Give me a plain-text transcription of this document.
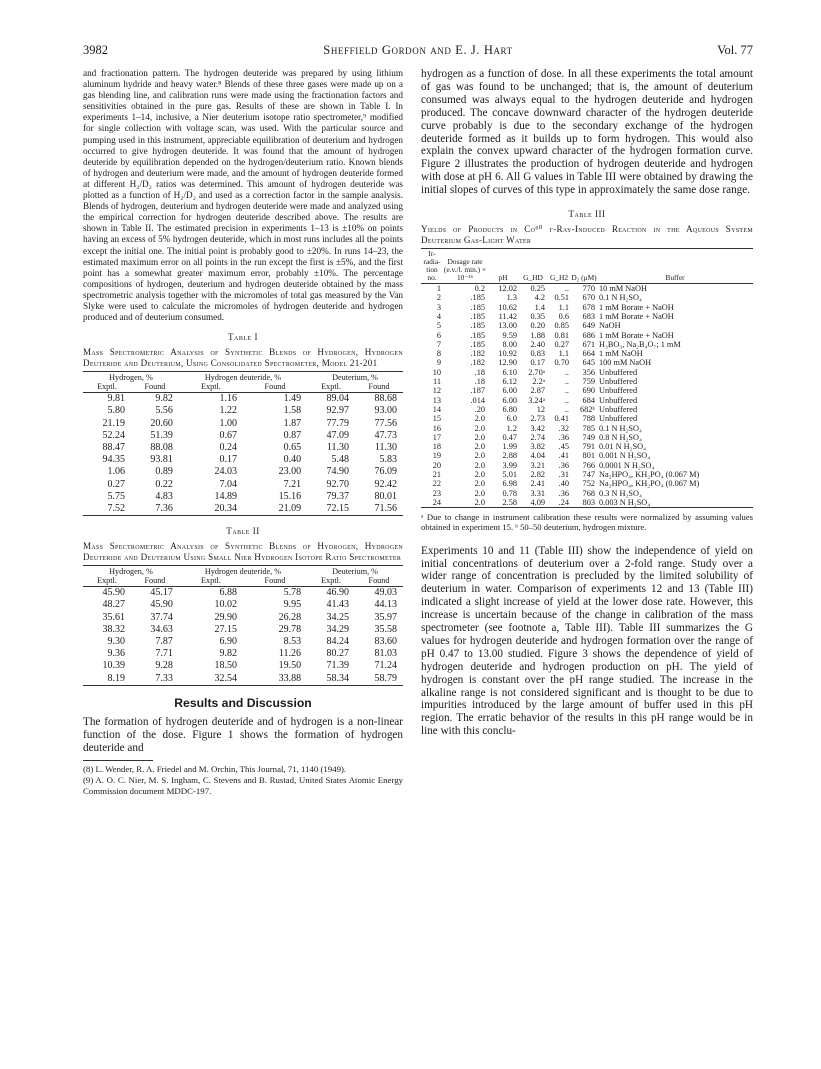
3982	Sheffield Gordon and E. J. Hart	Vol. 77

and fractionation pattern. The hydrogen deuteride was prepared by using lithium aluminum hydride and heavy water.⁸ Blends of these three gases were made up on a gas blending line, and calibration runs were made using the fractionation factors and sensitivities obtained in the pure gas. Results of these are shown in Table I. In experiments 1–14, inclusive, a Nier deuterium isotope ratio spectrometer,⁹ modified for single collection with voltage scan, was used. With the particular source and pumping used in this instrument, appreciable equilibration of deuterium and hydrogen occurred to give hydrogen deuteride. It was found that the amount of hydrogen deuteride by equilibration depended on the hydrogen/deuterium ratio. Known blends of hydrogen and deuterium were made, and the amount of hydrogen deuteride formed at different H₂/D₂ ratios was determined. This amount of hydrogen deuteride was plotted as a function of H₂/D₂ and used as a correction factor in the sample analysis. Blends of hydrogen, deuterium and hydrogen deuteride were made and analyzed using the empirical correction for hydrogen deuteride described above. The results are shown in Table II. The estimated precision in experiments 1–13 is ±10% on points having an excess of 5% hydrogen deuteride, which in most runs includes all the points except the initial one. The initial point is probably good to ±20%. In runs 14–23, the estimated maximum error on all points in the run except the first is ±5%, and the first point has a somewhat greater maximum error, probably ±10%. The percentage compositions of hydrogen, deuterium and hydrogen deuteride obtained by the mass spectrometric analysis together with the micromoles of total gas measured by the Van Slyke were used to calculate the micromoles of hydrogen deuteride and hydrogen produced and of deuterium consumed.

Table I

Mass Spectrometric Analysis of Synthetic Blends of Hydrogen, Hydrogen Deuteride and Deuterium, Using Consolidated Spectrometer, Model 21-201

Hydrogen, %		Hydrogen deuteride, %		Deuterium, %	
Exptl.	Found	Exptl.	Found	Exptl.	Found
9.81	9.82	1.16	1.49	89.04	88.68
5.80	5.56	1.22	1.58	92.97	93.00
21.19	20.60	1.00	1.87	77.79	77.56
52.24	51.39	0.67	0.87	47.09	47.73
88.47	88.08	0.24	0.65	11.30	11.30
94.35	93.81	0.17	0.40	5.48	5.83
1.06	0.89	24.03	23.00	74.90	76.09
0.27	0.22	7.04	7.21	92.70	92.42
5.75	4.83	14.89	15.16	79.37	80.01
7.52	7.36	20.34	21.09	72.15	71.56
Table II

Mass Spectrometric Analysis of Synthetic Blends of Hydrogen, Hydrogen Deuteride and Deuterium Using Small Nier Hydrogen Isotope Ratio Spectrometer

Hydrogen, %		Hydrogen deuteride, %		Deuterium, %	
Exptl.	Found	Exptl.	Found	Exptl.	Found
45.90	45.17	6.88	5.78	46.90	49.03
48.27	45.90	10.02	9.95	41.43	44.13
35.61	37.74	29.90	26.28	34.25	35.97
38.32	34.63	27.15	29.78	34.29	35.58
9.30	7.87	6.90	8.53	84.24	83.60
9.36	7.71	9.82	11.26	80.27	81.03
10.39	9.28	18.50	19.50	71.39	71.24
8.19	7.33	32.54	33.88	58.34	58.79
Results and Discussion

The formation of hydrogen deuteride and of hydrogen is a non-linear function of the dose. Figure 1 shows the formation of hydrogen deuteride and

(8) L. Wender, R. A. Friedel and M. Orchin, This Journal, 71, 1140 (1949).
(9) A. O. C. Nier, M. S. Ingham, C. Stevens and B. Rustad, United States Atomic Energy Commission document MDDC-197.

hydrogen as a function of dose. In all these experiments the total amount of gas was found to be unchanged; that is, the amount of deuterium consumed was always equal to the hydrogen deuteride and hydrogen produced. The concave downward character of the hydrogen deuteride curve probably is due to the secondary exchange of the hydrogen deuteride formed as it builds up to form hydrogen. This would also explain the convex upward character of the hydrogen formation curve. Figure 2 illustrates the production of hydrogen deuteride and hydrogen with dose at pH 6. All G values in Table III were obtained by drawing the initial slopes of curves of this type in approximately the same dose range.

Table III

Yields of Products in Co⁶⁰ γ-Ray-Induced Reaction in the Aqueous System Deuterium Gas-Light Water

Ir-radia-tion no.	Dosage rate (e.v./l. min.) × 10⁻¹⁶	pH	G_HD	G_H2	D₂ (μM)	Buffer
1	0.2	12.02	0.25	..	770	10 mM NaOH
2	.185	1.3	4.2	0.51	670	0.1 N H₂SO₄
3	.185	10.62	1.4	1.1	678	1 mM Borate + NaOH
4	.185	11.42	0.35	0.6	683	1 mM Borate + NaOH
5	.185	13.00	0.20	0.85	649	NaOH
6	.185	9.59	1.88	0.81	686	1 mM Borate + NaOH
7	.185	8.00	2.40	0.27	671	H₃BO₃, Na₂B₄O₇; 1 mM
8	.182	10.92	0.83	1.1	664	1 mM NaOH
9	.182	12.90	0.17	0.70	645	100 mM NaOH
10	.18	6.10	2.70ᵃ	..	356	Unbuffered
11	.18	6.12	2.2ᵃ	..	759	Unbuffered
12	.187	6.00	2.87	..	690	Unbuffered
13	.014	6.00	3.24ᵃ	..	684	Unbuffered
14	.20	6.80	12	..	682ᵇ	Unbuffered
15	2.0	6.0	2.73	0.41	788	Unbuffered
16	2.0	1.2	3.42	.32	785	0.1 N H₂SO₄
17	2.0	0.47	2.74	.36	749	0.8 N H₂SO₄
18	2.0	1.99	3.82	.45	791	0.01 N H₂SO₄
19	2.0	2.88	4.04	.41	801	0.001 N H₂SO₄
20	2.0	3.99	3.21	.36	766	0.0001 N H₂SO₄
21	2.0	5.01	2.82	.31	747	Na₂HPO₄, KH₂PO₄ (0.067 M)
22	2.0	6.98	2.41	.40	752	Na₂HPO₄, KH₂PO₄ (0.067 M)
23	2.0	0.78	3.31	.36	768	0.3 N H₂SO₄
24	2.0	2.58	4.09	.24	803	0.003 N H₂SO₄
ᵃ Due to change in instrument calibration these results were normalized by assuming values obtained in experiment 15. ᵇ 50–50 deuterium, hydrogen mixture.

Experiments 10 and 11 (Table III) show the independence of yield on initial concentrations of deuterium over a 2-fold range. Study over a wider range of concentration is precluded by the limited solubility of deuterium in water. Comparison of experiments 12 and 13 (Table III) indicated a slight increase of yield at the lower dose rate. However, this increase is uncertain because of the change in calibration of the mass spectrometer (see footnote a, Table III). Table III summarizes the G values for hydrogen deuteride and hydrogen formation over the range of pH 0.47 to 13.00 studied. Figure 3 shows the dependence of yield of hydrogen deuteride and hydrogen production on pH. The yield of hydrogen is constant over the pH range studied. The increase in the alkaline range is not considered significant and is thought to be due to impurities introduced by the large amount of buffer used in this pH region. The erratic behavior of the results in this pH range would be in line with this conclu-
